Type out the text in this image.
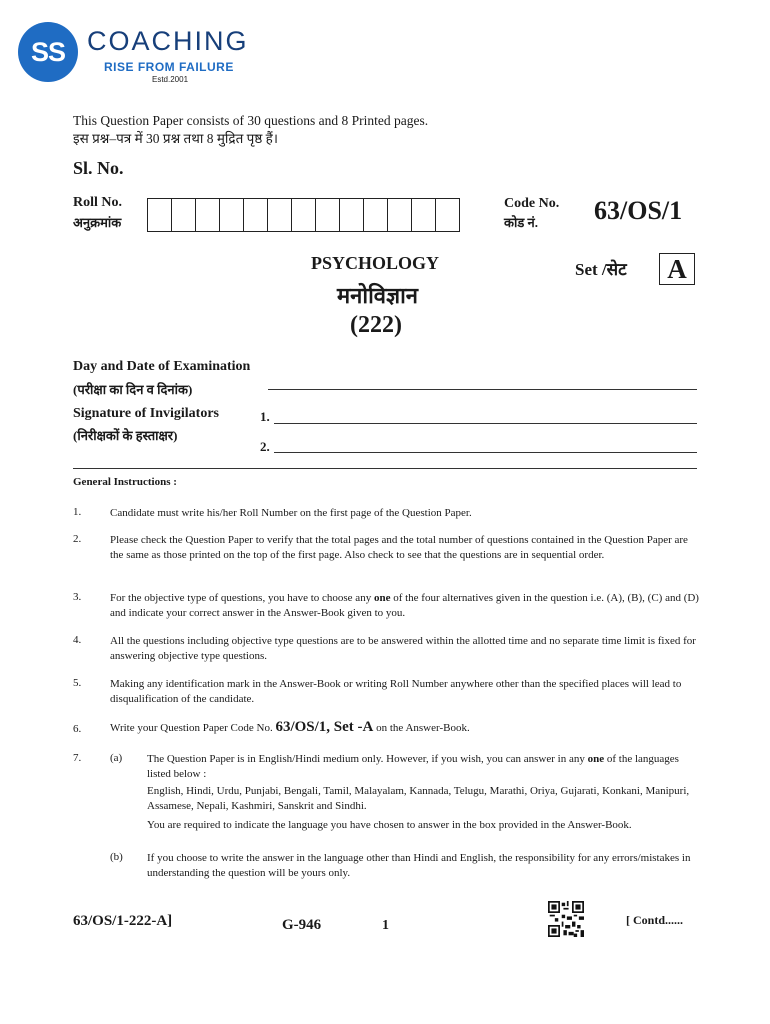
SS COACHING
RISE FROM FAILURE
Estd.2001
This Question Paper consists of 30 questions and 8 Printed pages.
इस प्रश्न–पत्र में 30 प्रश्न तथा 8 मुद्रित पृष्ठ हैं।
Sl. No.
Roll No.
अनुक्रमांक
Code No.
कोड नं. 63/OS/1
PSYCHOLOGY
मनोविज्ञान
(222)
Set /सेट	A
Day and Date of Examination
(परीक्षा का दिन व दिनांक)
Signature of Invigilators
(निरीक्षकों के हस्ताक्षर)
1.
2.
General Instructions :
1.	Candidate must write his/her Roll Number on the first page of the Question Paper.
2.	Please check the Question Paper to verify that the total pages and the total number of questions contained in the Question Paper are the same as those printed on the top of the first page. Also check to see that the questions are in sequential order.
3.	For the objective type of questions, you have to choose any one of the four alternatives given in the question i.e. (A), (B), (C) and (D) and indicate your correct answer in the Answer-Book given to you.
4.	All the questions including objective type questions are to be answered within the allotted time and no separate time limit is fixed for answering objective type questions.
5.	Making any identification mark in the Answer-Book or writing Roll Number anywhere other than the specified places will lead to disqualification of the candidate.
6.	Write your Question Paper Code No. 63/OS/1, Set -A on the Answer-Book.
7.	(a) The Question Paper is in English/Hindi medium only. However, if you wish, you can answer in any one of the languages listed below :
English, Hindi, Urdu, Punjabi, Bengali, Tamil, Malayalam, Kannada, Telugu, Marathi, Oriya, Gujarati, Konkani, Manipuri, Assamese, Nepali, Kashmiri, Sanskrit and Sindhi.
You are required to indicate the language you have chosen to answer in the box provided in the Answer-Book.
(b) If you choose to write the answer in the language other than Hindi and English, the responsibility for any errors/mistakes in understanding the question will be yours only.
63/OS/1-222-A]	G-946	1	[ Contd......
